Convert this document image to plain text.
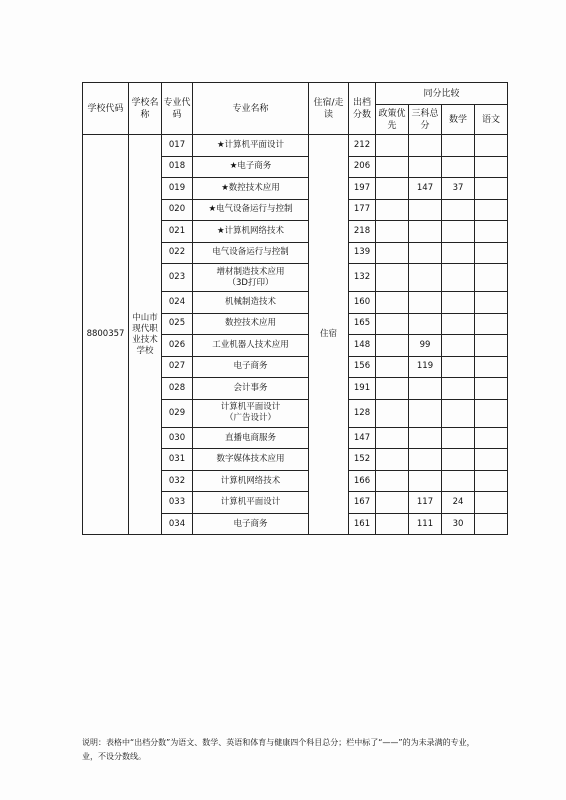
学校代码	学校名称	专业代码	专业名称	住宿/走读	出档分数	同分比较			
						政策优先	三科总分	数学	语文
8800357	中山市现代职业技术学校	017	★计算机平面设计	住宿	212				
		018	★电子商务		206				
		019	★数控技术应用		197		147	37	
		020	★电气设备运行与控制		177				
		021	★计算机网络技术		218				
		022	电气设备运行与控制		139				
		023	增材制造技术应用
（3D打印）		132				
		024	机械制造技术		160				
		025	数控技术应用		165				
		026	工业机器人技术应用		148		99		
		027	电子商务		156		119		
		028	会计事务		191				
		029	计算机平面设计
（广告设计）		128				
		030	直播电商服务		147				
		031	数字媒体技术应用		152				
		032	计算机网络技术		166				
		033	计算机平面设计		167		117	24	
		034	电子商务		161		111	30	
说明：表格中“出档分数”为语文、数学、英语和体育与健康四个科目总分；栏中标了“——”的为未录满的专业，
业，不设分数线。
